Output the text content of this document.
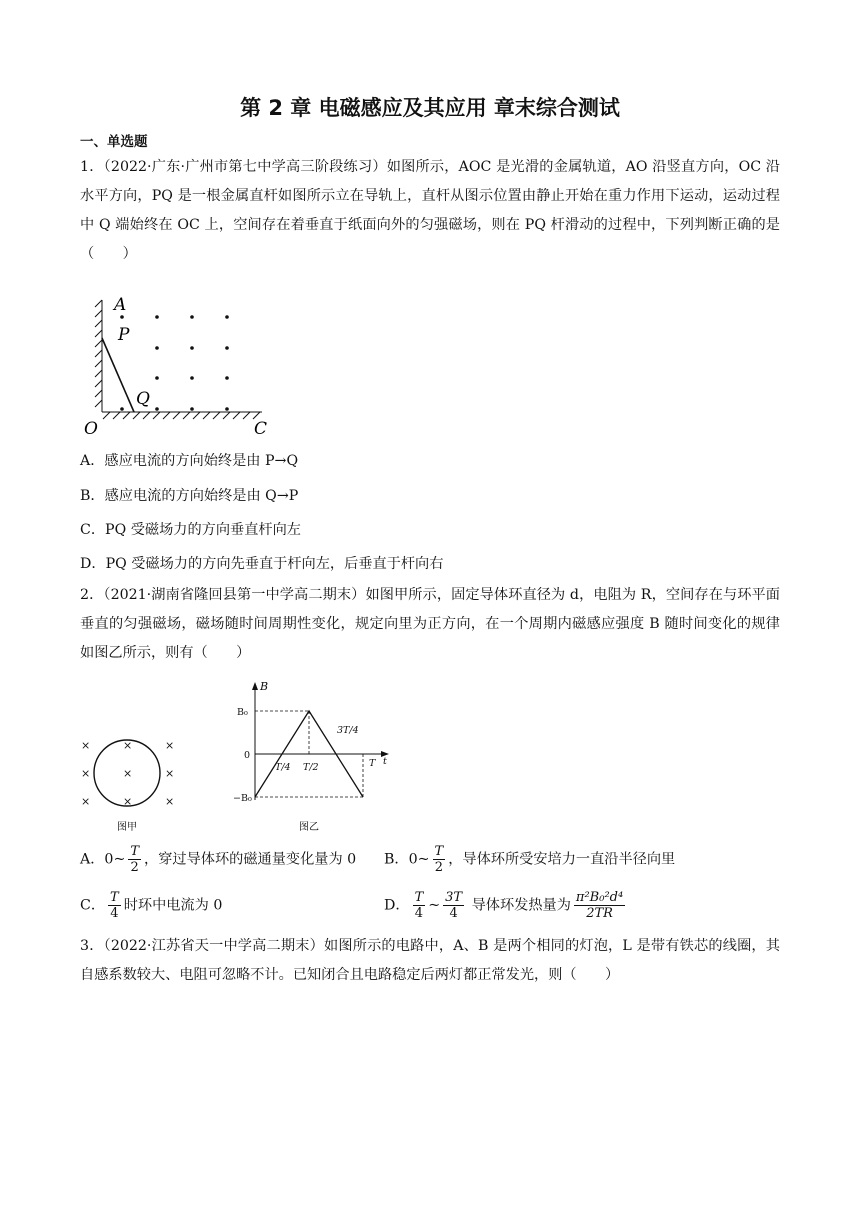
第 2 章 电磁感应及其应用 章末综合测试
一、单选题
1．（2022·广东·广州市第七中学高三阶段练习）如图所示，AOC 是光滑的金属轨道，AO 沿竖直方向，OC 沿水平方向，PQ 是一根金属直杆如图所示立在导轨上，直杆从图示位置由静止开始在重力作用下运动，运动过程中 Q 端始终在 OC 上，空间存在着垂直于纸面向外的匀强磁场，则在 PQ 杆滑动的过程中，下列判断正确的是（　　）
A
P
Q
O	C
A．感应电流的方向始终是由 P→Q
B．感应电流的方向始终是由 Q→P
C．PQ 受磁场力的方向垂直杆向左
D．PQ 受磁场力的方向先垂直于杆向左，后垂直于杆向右
2．（2021·湖南省隆回县第一中学高二期末）如图甲所示，固定导体环直径为 d，电阻为 R，空间存在与环平面垂直的匀强磁场，磁场随时间周期性变化，规定向里为正方向，在一个周期内磁感应强度 B 随时间变化的规律如图乙所示，则有（　　）
×	×	×
×	×	×
×	×	×
图甲
B
B₀
0
−B₀
T/4 T/2
3T/4
T t
图乙
A．0~ $\frac{T}{2}$ ，穿过导体环的磁通量变化量为 0 B．0~ $\frac{T}{2}$ ，导体环所受安培力一直沿半径向里
C． $\frac{T}{4}$ 时环中电流为 0	D． $\frac{T}{4}$ ~ $\frac{3T}{4}$ 导体环发热量为 $\frac{\text{π²B₀²d⁴}}{2TR}$
3．（2022·江苏省天一中学高二期末）如图所示的电路中，A、B 是两个相同的灯泡，L 是带有铁芯的线圈，其自感系数较大、电阻可忽略不计。已知闭合且电路稳定后两灯都正常发光，则（　　）
